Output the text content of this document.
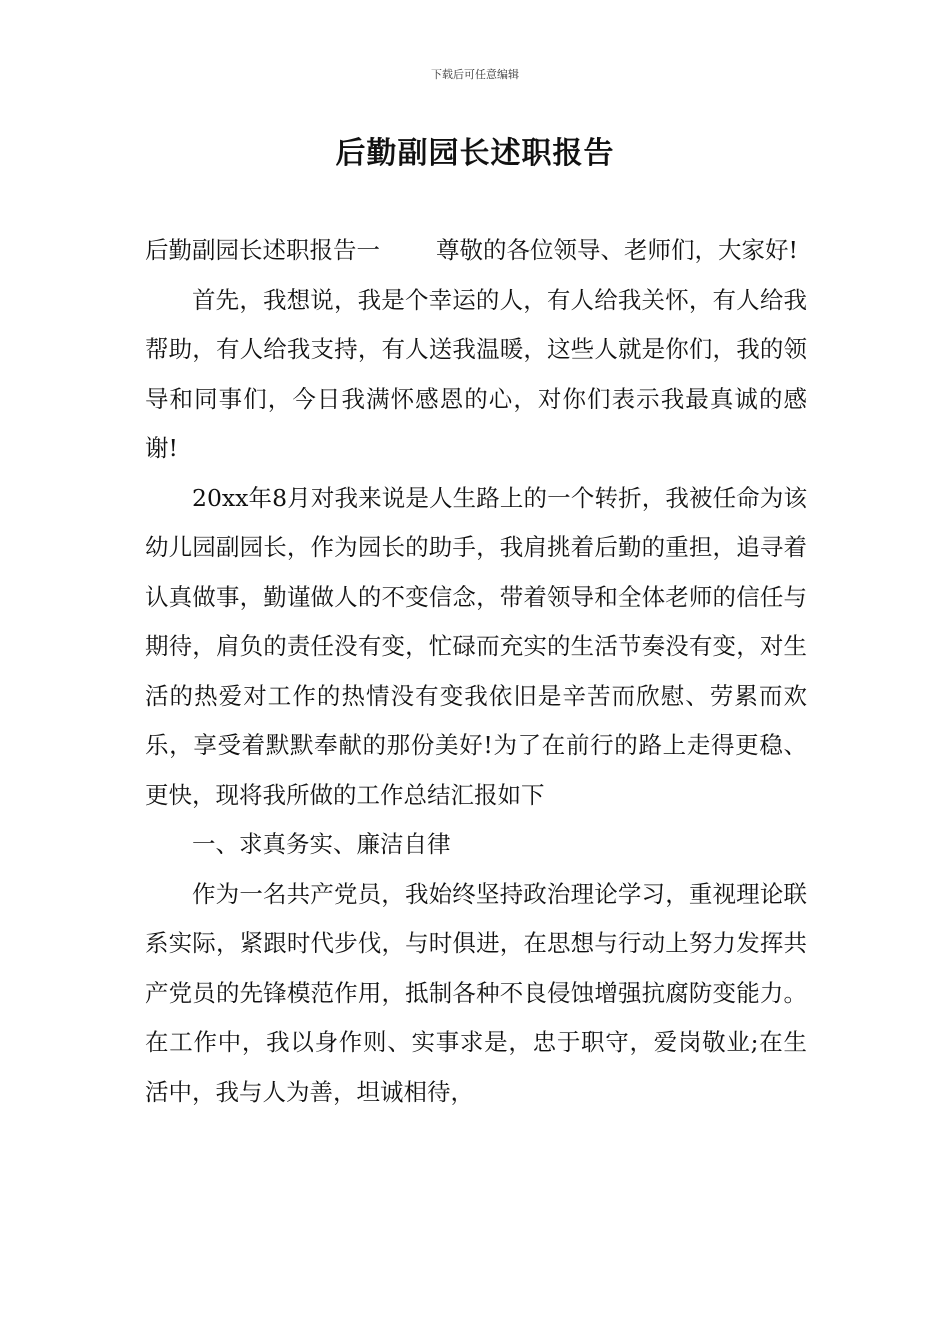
下载后可任意编辑
后勤副园长述职报告

后勤副园长述职报告一 尊敬的各位领导、老师们，大家好!

首先，我想说，我是个幸运的人，有人给我关怀，有人给我帮助，有人给我支持，有人送我温暖，这些人就是你们，我的领导和同事们，今日我满怀感恩的心，对你们表示我最真诚的感谢!

20xx年8月对我来说是人生路上的一个转折，我被任命为该幼儿园副园长，作为园长的助手，我肩挑着后勤的重担，追寻着认真做事，勤谨做人的不变信念，带着领导和全体老师的信任与期待，肩负的责任没有变，忙碌而充实的生活节奏没有变，对生活的热爱对工作的热情没有变我依旧是辛苦而欣慰、劳累而欢乐，享受着默默奉献的那份美好!为了在前行的路上走得更稳、更快，现将我所做的工作总结汇报如下

一、求真务实、廉洁自律

作为一名共产党员，我始终坚持政治理论学习，重视理论联系实际，紧跟时代步伐，与时俱进，在思想与行动上努力发挥共产党员的先锋模范作用，抵制各种不良侵蚀增强抗腐防变能力。在工作中，我以身作则、实事求是，忠于职守，爱岗敬业;在生活中，我与人为善，坦诚相待，
